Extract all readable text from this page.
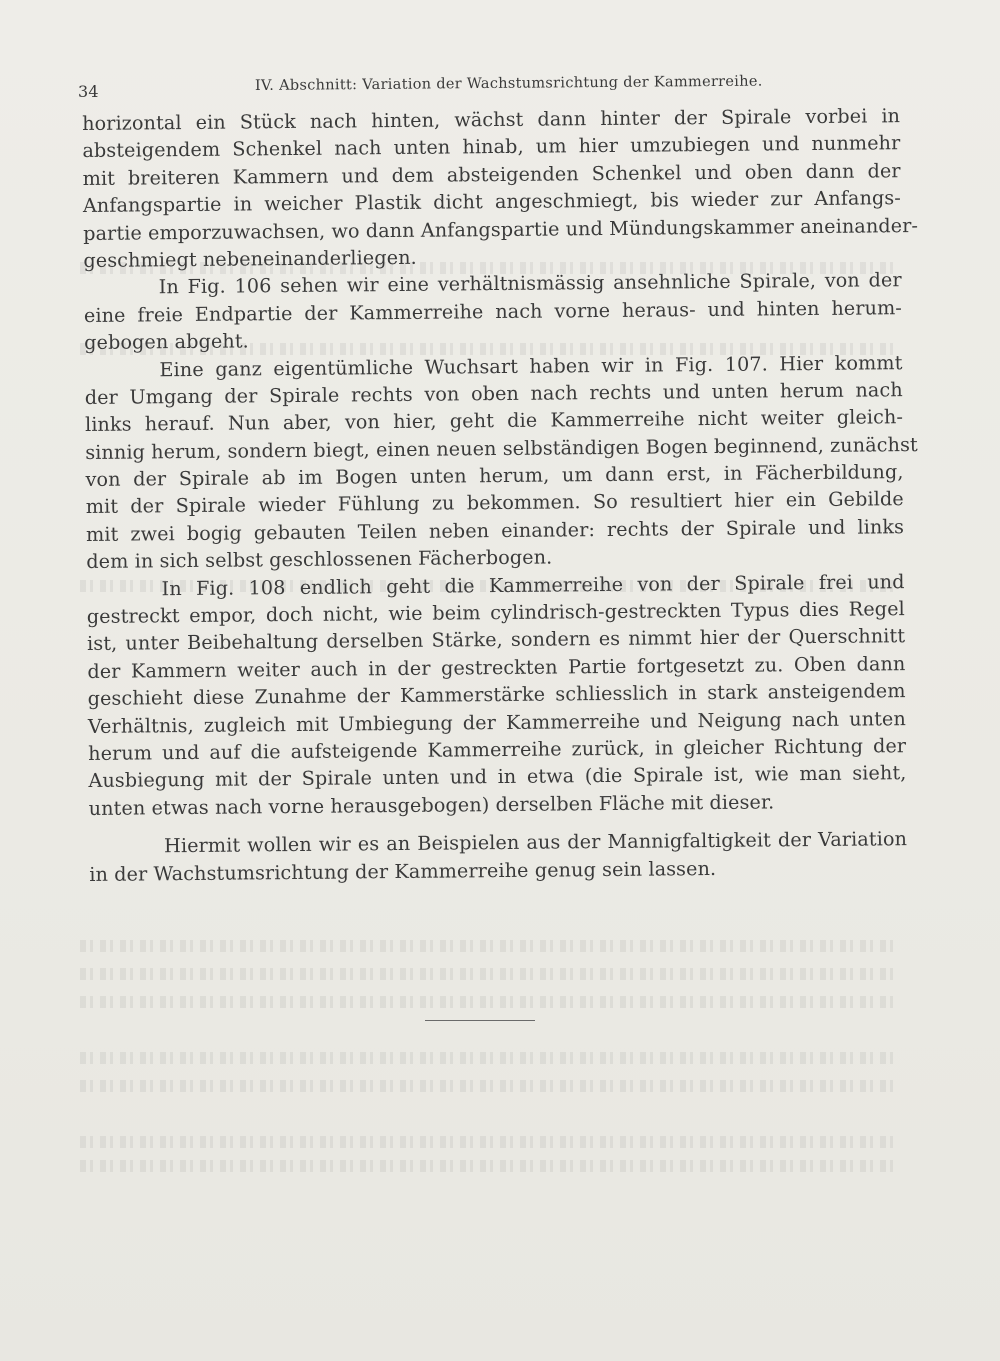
34	IV. Abschnitt: Variation der Wachstumsrichtung der Kammerreihe.
horizontal ein Stück nach hinten, wächst dann hinter der Spirale vorbei in
absteigendem Schenkel nach unten hinab, um hier umzubiegen und nunmehr
mit breiteren Kammern und dem absteigenden Schenkel und oben dann der
Anfangspartie in weicher Plastik dicht angeschmiegt, bis wieder zur Anfangs-
partie emporzuwachsen, wo dann Anfangspartie und Mündungskammer aneinander-
geschmiegt nebeneinanderliegen.
In Fig. 106 sehen wir eine verhältnismässig ansehnliche Spirale, von der
eine freie Endpartie der Kammerreihe nach vorne heraus- und hinten herum-
gebogen abgeht.
Eine ganz eigentümliche Wuchsart haben wir in Fig. 107. Hier kommt
der Umgang der Spirale rechts von oben nach rechts und unten herum nach
links herauf. Nun aber, von hier, geht die Kammerreihe nicht weiter gleich-
sinnig herum, sondern biegt, einen neuen selbständigen Bogen beginnend, zunächst
von der Spirale ab im Bogen unten herum, um dann erst, in Fächerbildung,
mit der Spirale wieder Fühlung zu bekommen. So resultiert hier ein Gebilde
mit zwei bogig gebauten Teilen neben einander: rechts der Spirale und links
dem in sich selbst geschlossenen Fächerbogen.
In Fig. 108 endlich geht die Kammerreihe von der Spirale frei und
gestreckt empor, doch nicht, wie beim cylindrisch-gestreckten Typus dies Regel
ist, unter Beibehaltung derselben Stärke, sondern es nimmt hier der Querschnitt
der Kammern weiter auch in der gestreckten Partie fortgesetzt zu. Oben dann
geschieht diese Zunahme der Kammerstärke schliesslich in stark ansteigendem
Verhältnis, zugleich mit Umbiegung der Kammerreihe und Neigung nach unten
herum und auf die aufsteigende Kammerreihe zurück, in gleicher Richtung der
Ausbiegung mit der Spirale unten und in etwa (die Spirale ist, wie man sieht,
unten etwas nach vorne herausgebogen) derselben Fläche mit dieser.
Hiermit wollen wir es an Beispielen aus der Mannigfaltigkeit der Variation
in der Wachstumsrichtung der Kammerreihe genug sein lassen.
